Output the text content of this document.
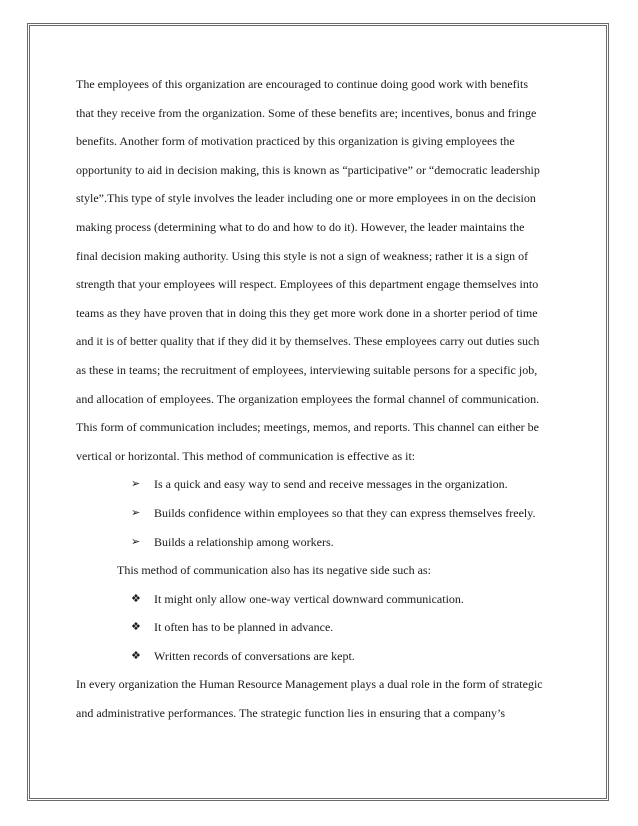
The employees of this organization are encouraged to continue doing good work with benefits
that they receive from the organization. Some of these benefits are; incentives, bonus and fringe
benefits. Another form of motivation practiced by this organization is giving employees the
opportunity to aid in decision making, this is known as “participative” or “democratic leadership
style”.This type of style involves the leader including one or more employees in on the decision
making process (determining what to do and how to do it). However, the leader maintains the
final decision making authority. Using this style is not a sign of weakness; rather it is a sign of
strength that your employees will respect. Employees of this department engage themselves into
teams as they have proven that in doing this they get more work done in a shorter period of time
and it is of better quality that if they did it by themselves. These employees carry out duties such
as these in teams; the recruitment of employees, interviewing suitable persons for a specific job,
and allocation of employees. The organization employees the formal channel of communication.
This form of communication includes; meetings, memos, and reports. This channel can either be
vertical or horizontal. This method of communication is effective as it:
➢	Is a quick and easy way to send and receive messages in the organization.
➢	Builds confidence within employees so that they can express themselves freely.
➢	Builds a relationship among workers.
This method of communication also has its negative side such as:
❖	It might only allow one-way vertical downward communication.
❖	It often has to be planned in advance.
❖	Written records of conversations are kept.
In every organization the Human Resource Management plays a dual role in the form of strategic
and administrative performances. The strategic function lies in ensuring that a company’s
